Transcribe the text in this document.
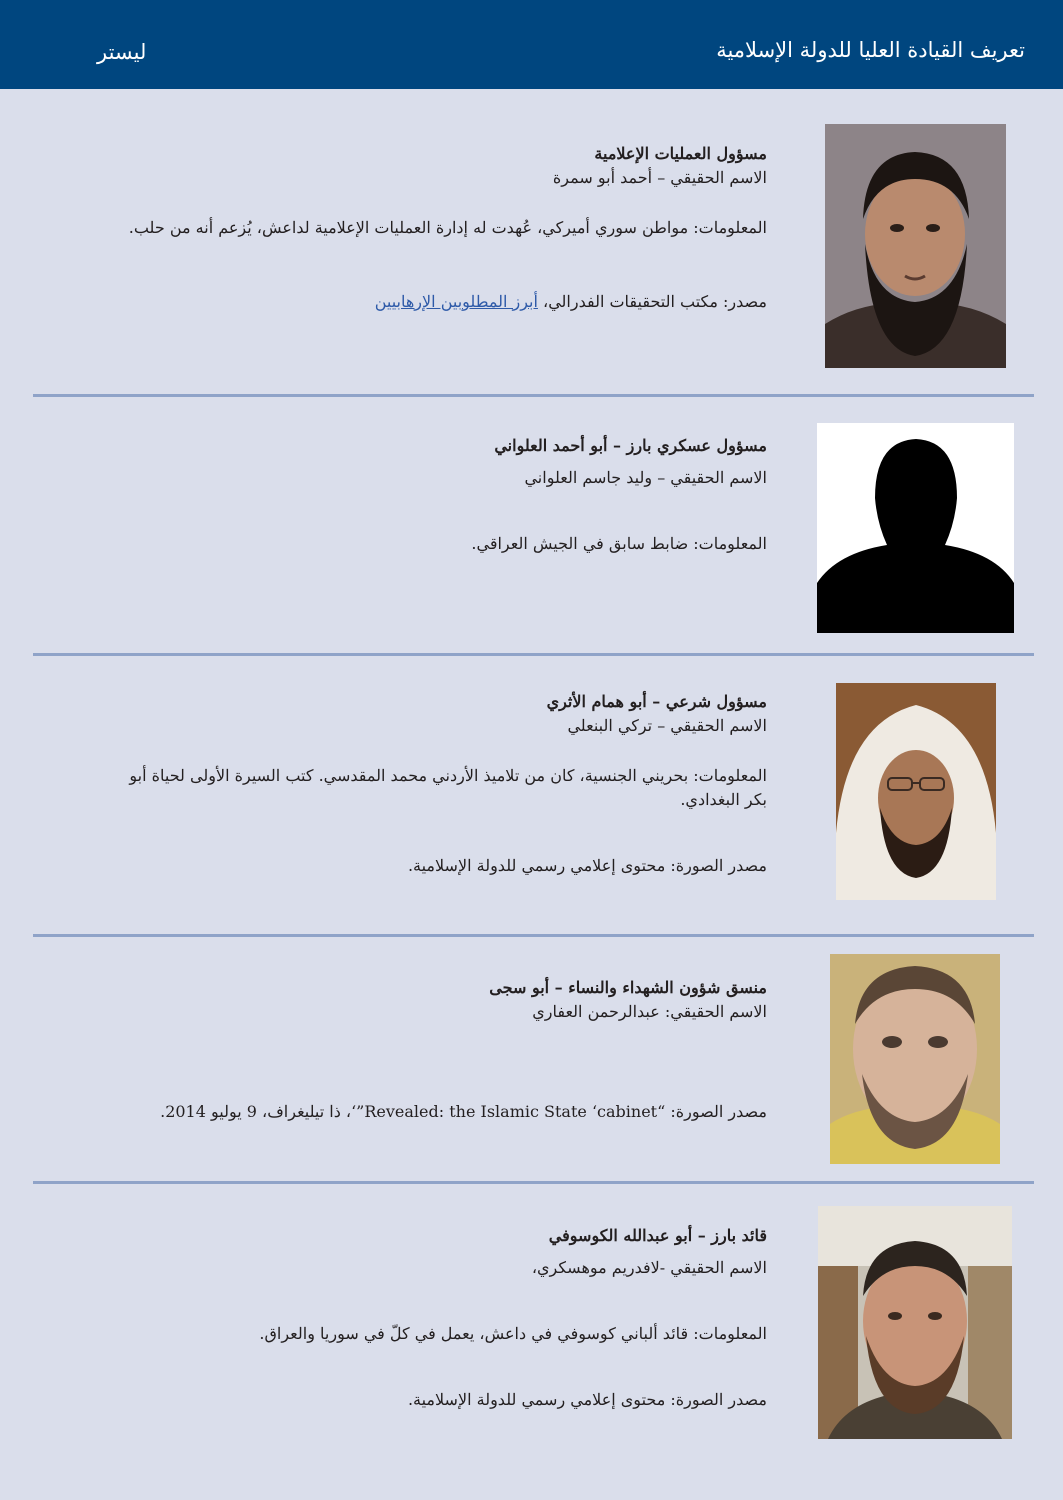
تعريف القيادة العليا للدولة الإسلامية
ليستر
مسؤول العمليات الإعلامية
الاسم الحقيقي – أحمد أبو سمرة
المعلومات: مواطن سوري أميركي، عُهدت له إدارة العمليات الإعلامية لداعش، يُزعم أنه من حلب.
مصدر: مكتب التحقيقات الفدرالي، أبرز المطلوبين الإرهابيين
مسؤول عسكري بارز – أبو أحمد العلواني
الاسم الحقيقي – وليد جاسم العلواني
المعلومات: ضابط سابق في الجيش العراقي.
مسؤول شرعي – أبو همام الأثري
الاسم الحقيقي – تركي البنعلي
المعلومات: بحريني الجنسية، كان من تلاميذ الأردني محمد المقدسي. كتب السيرة الأولى لحياة أبو بكر البغدادي.
مصدر الصورة: محتوى إعلامي رسمي للدولة الإسلامية.
منسق شؤون الشهداء والنساء – أبو سجى
الاسم الحقيقي: عبدالرحمن العفاري
مصدر الصورة: “Revealed: the Islamic State ‘cabinet”‘، ذا تيليغراف، 9 يوليو 2014.
قائد بارز – أبو عبدالله الكوسوفي
الاسم الحقيقي -لافدريم موهسكري،
المعلومات: قائد ألباني كوسوفي في داعش، يعمل في كلّ في سوريا والعراق.
مصدر الصورة: محتوى إعلامي رسمي للدولة الإسلامية.
